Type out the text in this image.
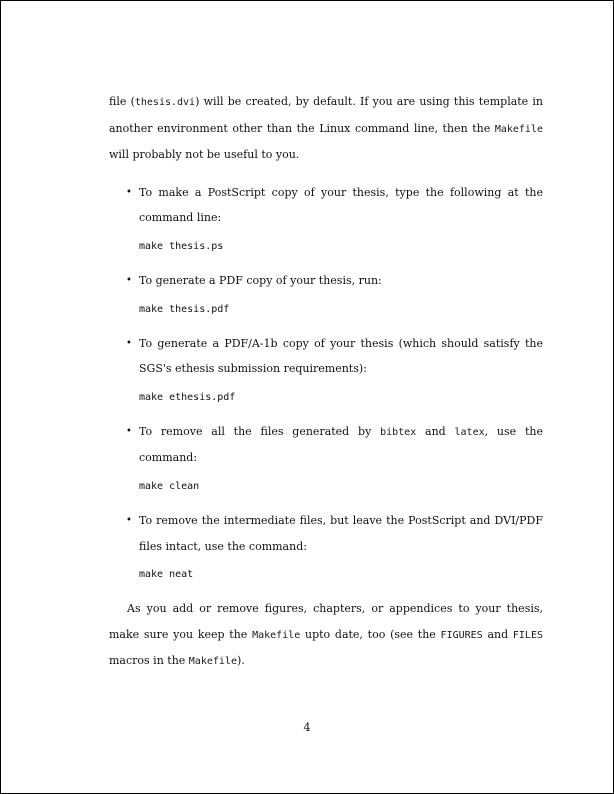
file (thesis.dvi) will be created, by default. If you are using this template in another environment other than the Linux command line, then the Makefile will probably not be useful to you.

• To make a PostScript copy of your thesis, type the following at the command line:
make thesis.ps
• To generate a PDF copy of your thesis, run:
make thesis.pdf
• To generate a PDF/A-1b copy of your thesis (which should satisfy the SGS's ethesis submission requirements):
make ethesis.pdf
• To remove all the files generated by bibtex and latex, use the command:
make clean
• To remove the intermediate files, but leave the PostScript and DVI/PDF files intact, use the command:
make neat

As you add or remove figures, chapters, or appendices to your thesis, make sure you keep the Makefile upto date, too (see the FIGURES and FILES macros in the Makefile).

4
